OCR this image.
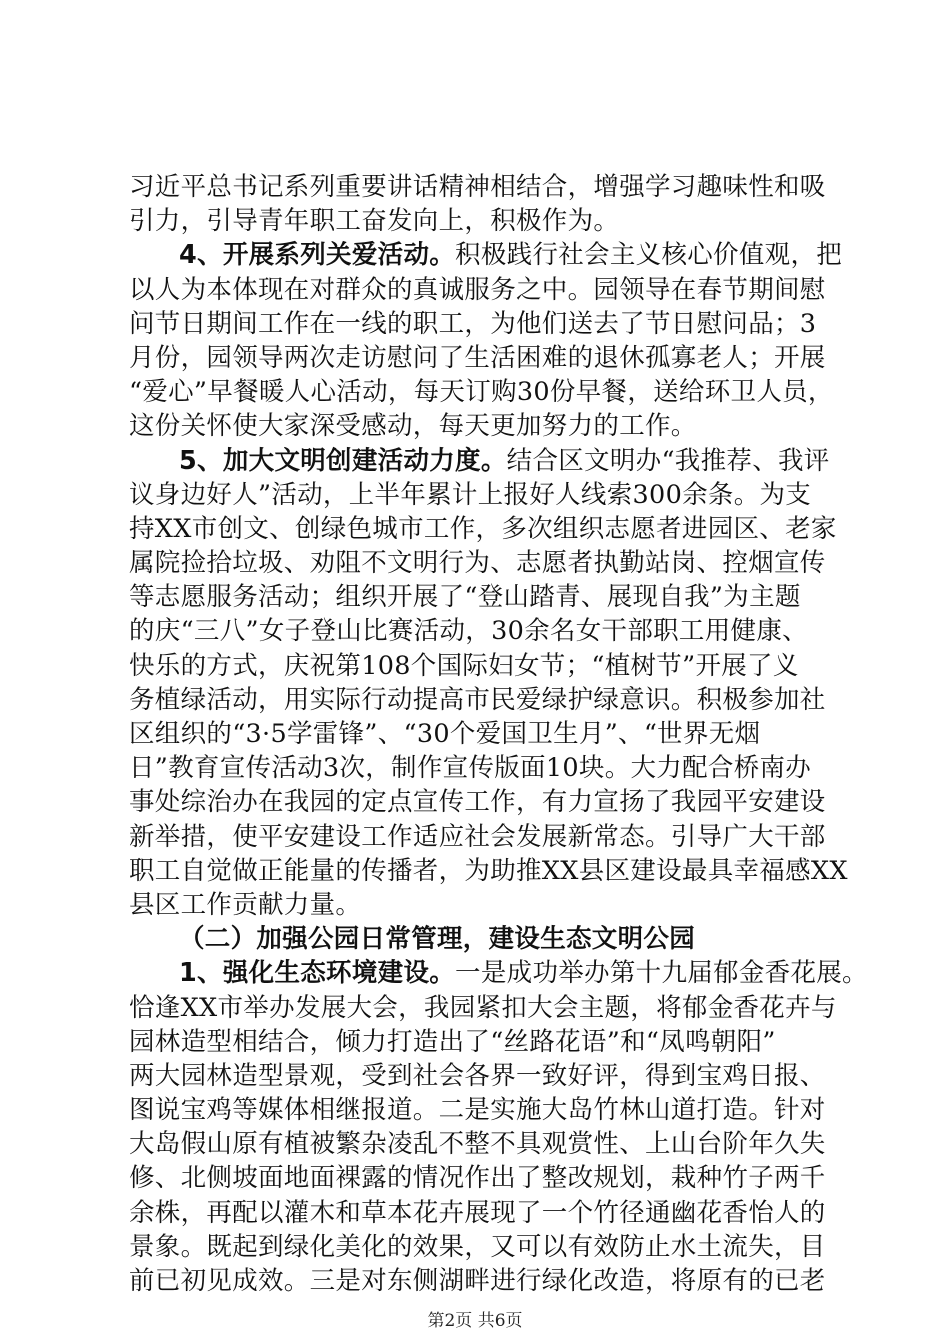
习近平总书记系列重要讲话精神相结合，增强学习趣味性和吸
引力，引导青年职工奋发向上，积极作为。
4、开展系列关爱活动。积极践行社会主义核心价值观，把
以人为本体现在对群众的真诚服务之中。园领导在春节期间慰
问节日期间工作在一线的职工，为他们送去了节日慰问品；3
月份，园领导两次走访慰问了生活困难的退休孤寡老人；开展
“爱心”早餐暖人心活动，每天订购30份早餐，送给环卫人员，
这份关怀使大家深受感动，每天更加努力的工作。
5、加大文明创建活动力度。结合区文明办“我推荐、我评
议身边好人”活动，上半年累计上报好人线索300余条。为支
持XX市创文、创绿色城市工作，多次组织志愿者进园区、老家
属院捡拾垃圾、劝阻不文明行为、志愿者执勤站岗、控烟宣传
等志愿服务活动；组织开展了“登山踏青、展现自我”为主题
的庆“三八”女子登山比赛活动，30余名女干部职工用健康、
快乐的方式，庆祝第108个国际妇女节；“植树节”开展了义
务植绿活动，用实际行动提高市民爱绿护绿意识。积极参加社
区组织的“3·5学雷锋”、“30个爱国卫生月”、“世界无烟
日”教育宣传活动3次，制作宣传版面10块。大力配合桥南办
事处综治办在我园的定点宣传工作，有力宣扬了我园平安建设
新举措，使平安建设工作适应社会发展新常态。引导广大干部
职工自觉做正能量的传播者，为助推XX县区建设最具幸福感XX
县区工作贡献力量。
（二）加强公园日常管理，建设生态文明公园
1、强化生态环境建设。一是成功举办第十九届郁金香花展。
恰逢XX市举办发展大会，我园紧扣大会主题，将郁金香花卉与
园林造型相结合，倾力打造出了“丝路花语”和“凤鸣朝阳”
两大园林造型景观，受到社会各界一致好评，得到宝鸡日报、
图说宝鸡等媒体相继报道。二是实施大岛竹林山道打造。针对
大岛假山原有植被繁杂凌乱不整不具观赏性、上山台阶年久失
修、北侧坡面地面裸露的情况作出了整改规划，栽种竹子两千
余株，再配以灌木和草本花卉展现了一个竹径通幽花香怡人的
景象。既起到绿化美化的效果，又可以有效防止水土流失，目
前已初见成效。三是对东侧湖畔进行绿化改造，将原有的已老
第2页 共6页
